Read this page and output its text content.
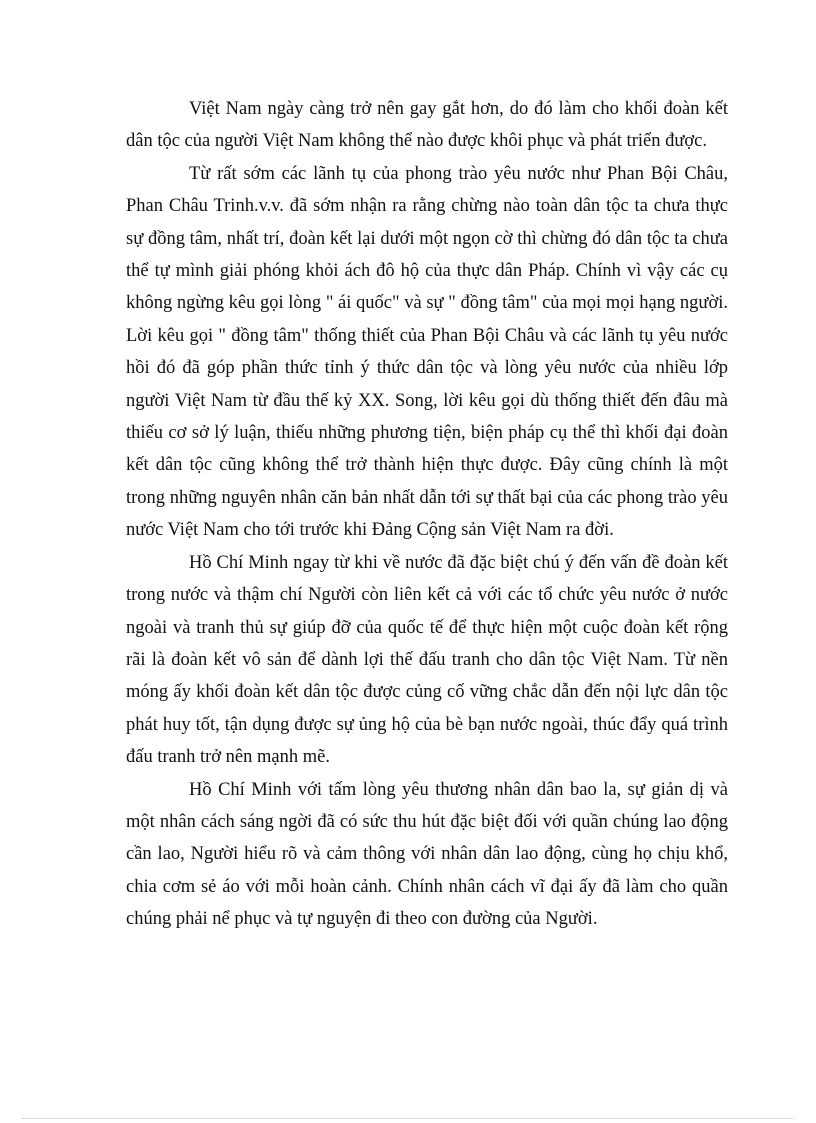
Việt Nam ngày càng trở nên gay gắt hơn, do đó làm cho khối đoàn kết dân tộc của người Việt Nam không thể nào được khôi phục và phát triển được.

Từ rất sớm các lãnh tụ của phong trào yêu nước như Phan Bội Châu, Phan Châu Trinh.v.v. đã sớm nhận ra rằng chừng nào toàn dân tộc ta chưa thực sự đồng tâm, nhất trí, đoàn kết lại dưới một ngọn cờ thì chừng đó dân tộc ta chưa thể tự mình giải phóng khỏi ách đô hộ của thực dân Pháp. Chính vì vậy các cụ không ngừng kêu gọi lòng " ái quốc" và sự " đồng tâm" của mọi mọi hạng người. Lời kêu gọi " đồng tâm" thống thiết của Phan Bội Châu và các lãnh tụ yêu nước hồi đó đã góp phần thức tỉnh ý thức dân tộc và lòng yêu nước của nhiều lớp người Việt Nam từ đầu thế kỷ XX. Song, lời kêu gọi dù thống thiết đến đâu mà thiếu cơ sở lý luận, thiếu những phương tiện, biện pháp cụ thể thì khối đại đoàn kết dân tộc cũng không thể trở thành hiện thực được. Đây cũng chính là một trong những nguyên nhân căn bản nhất dẫn tới sự thất bại của các phong trào yêu nước Việt Nam cho tới trước khi Đảng Cộng sản Việt Nam ra đời.

Hồ Chí Minh ngay từ khi về nước đã đặc biệt chú ý đến vấn đề đoàn kết trong nước và thậm chí Người còn liên kết cả với các tổ chức yêu nước ở nước ngoài và tranh thủ sự giúp đỡ của quốc tế để thực hiện một cuộc đoàn kết rộng rãi là đoàn kết vô sản để dành lợi thế đấu tranh cho dân tộc Việt Nam. Từ nền móng ấy khối đoàn kết dân tộc được củng cố vững chắc dẫn đến nội lực dân tộc phát huy tốt, tận dụng được sự ủng hộ của bè bạn nước ngoài, thúc đẩy quá trình đấu tranh trở nên mạnh mẽ.

Hồ Chí Minh với tấm lòng yêu thương nhân dân bao la, sự giản dị và một nhân cách sáng ngời đã có sức thu hút đặc biệt đối với quần chúng lao động cần lao, Người hiểu rõ và cảm thông với nhân dân lao động, cùng họ chịu khổ, chia cơm sẻ áo với mỗi hoàn cảnh. Chính nhân cách vĩ đại ấy đã làm cho quần chúng phải nể phục và tự nguyện đi theo con đường của Người.
